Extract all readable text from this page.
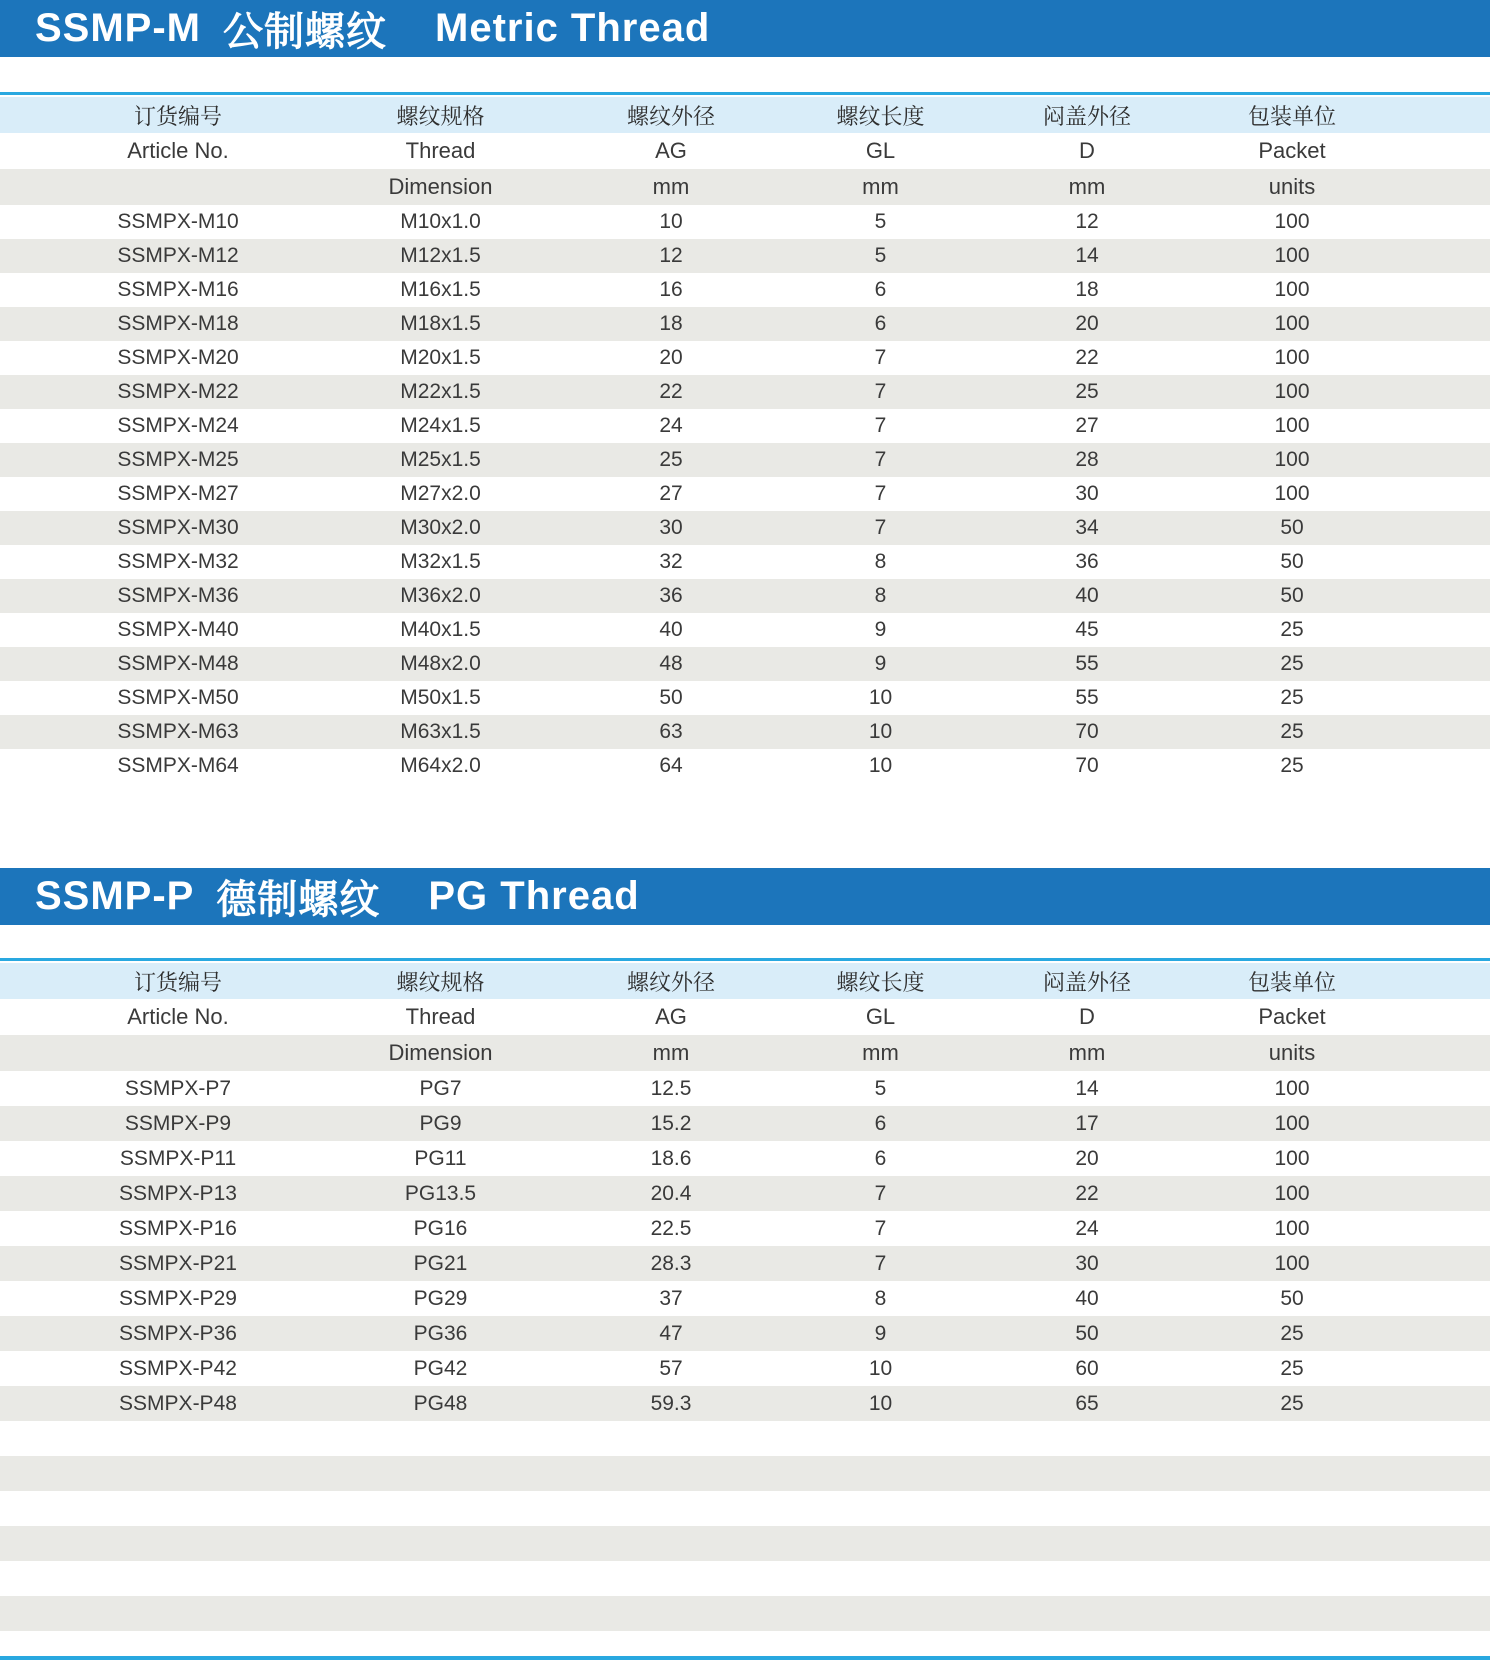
SSMP-M 公制螺纹 Metric Thread
	订货编号	螺纹规格	螺纹外径	螺纹长度	闷盖外径	包装单位	
	Article No.	Thread	AG	GL	D	Packet	
		Dimension	mm	mm	mm	units	
	SSMPX-M10	M10x1.0	10	5	12	100	
	SSMPX-M12	M12x1.5	12	5	14	100	
	SSMPX-M16	M16x1.5	16	6	18	100	
	SSMPX-M18	M18x1.5	18	6	20	100	
	SSMPX-M20	M20x1.5	20	7	22	100	
	SSMPX-M22	M22x1.5	22	7	25	100	
	SSMPX-M24	M24x1.5	24	7	27	100	
	SSMPX-M25	M25x1.5	25	7	28	100	
	SSMPX-M27	M27x2.0	27	7	30	100	
	SSMPX-M30	M30x2.0	30	7	34	50	
	SSMPX-M32	M32x1.5	32	8	36	50	
	SSMPX-M36	M36x2.0	36	8	40	50	
	SSMPX-M40	M40x1.5	40	9	45	25	
	SSMPX-M48	M48x2.0	48	9	55	25	
	SSMPX-M50	M50x1.5	50	10	55	25	
	SSMPX-M63	M63x1.5	63	10	70	25	
	SSMPX-M64	M64x2.0	64	10	70	25	
SSMP-P 德制螺纹 PG Thread
	订货编号	螺纹规格	螺纹外径	螺纹长度	闷盖外径	包装单位	
	Article No.	Thread	AG	GL	D	Packet	
		Dimension	mm	mm	mm	units	
	SSMPX-P7	PG7	12.5	5	14	100	
	SSMPX-P9	PG9	15.2	6	17	100	
	SSMPX-P11	PG11	18.6	6	20	100	
	SSMPX-P13	PG13.5	20.4	7	22	100	
	SSMPX-P16	PG16	22.5	7	24	100	
	SSMPX-P21	PG21	28.3	7	30	100	
	SSMPX-P29	PG29	37	8	40	50	
	SSMPX-P36	PG36	47	9	50	25	
	SSMPX-P42	PG42	57	10	60	25	
	SSMPX-P48	PG48	59.3	10	65	25	
